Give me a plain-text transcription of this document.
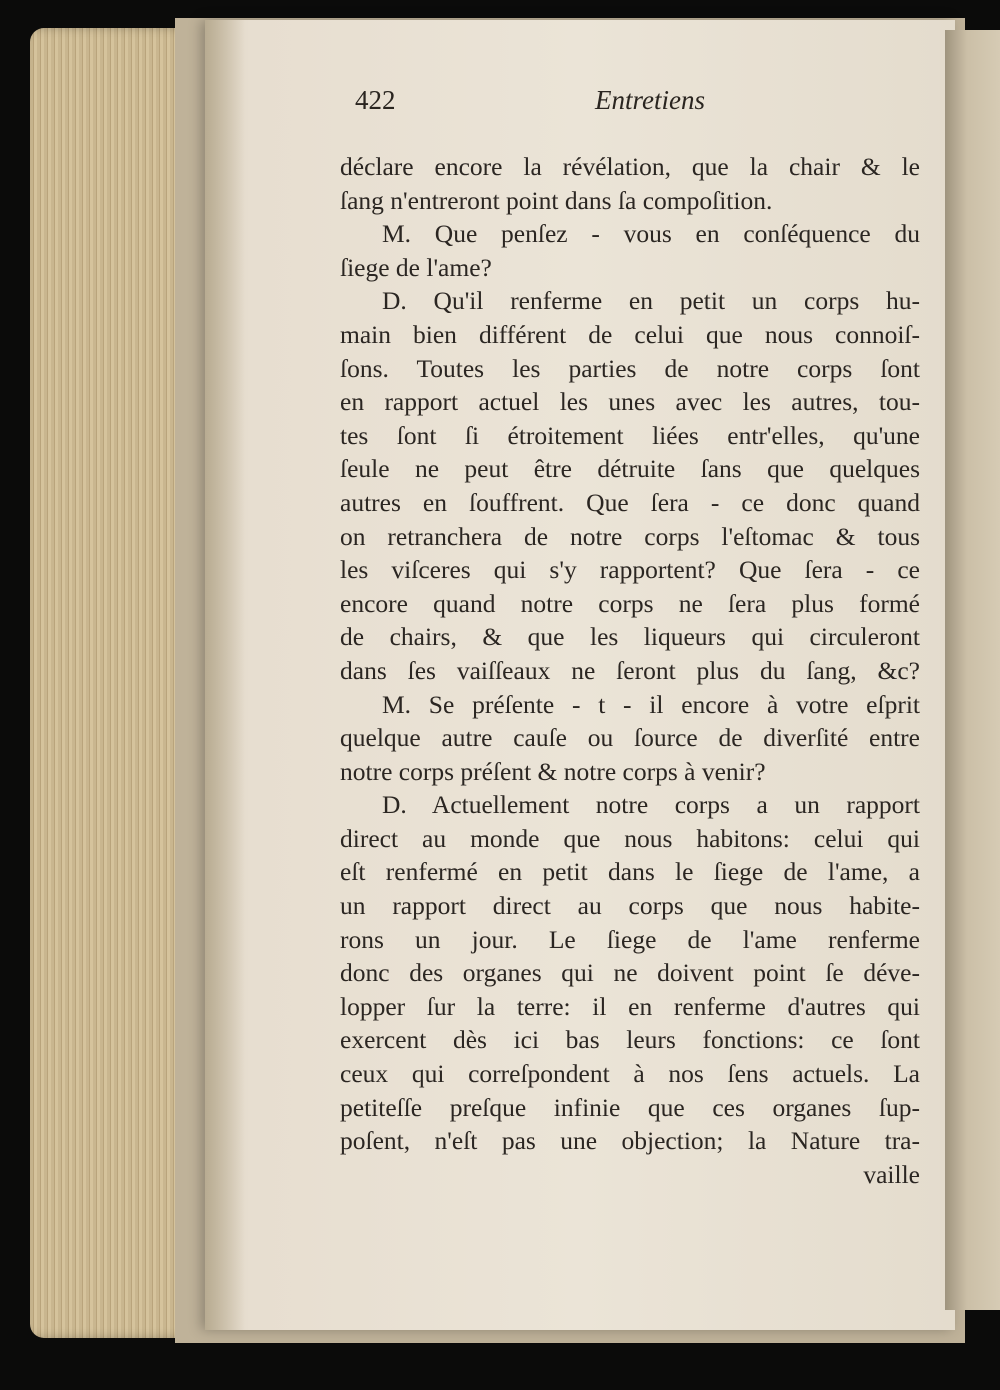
422	Entretiens
déclare encore la révélation, que la chair & le
ſang n'entreront point dans ſa compoſition.
M. Que penſez - vous en conſéquence du
ſiege de l'ame?
D. Qu'il renferme en petit un corps hu-
main bien différent de celui que nous connoiſ-
ſons. Toutes les parties de notre corps ſont
en rapport actuel les unes avec les autres, tou-
tes ſont ſi étroitement liées entr'elles, qu'une
ſeule ne peut être détruite ſans que quelques
autres en ſouffrent. Que ſera - ce donc quand
on retranchera de notre corps l'eſtomac & tous
les viſceres qui s'y rapportent? Que ſera - ce
encore quand notre corps ne ſera plus formé
de chairs, & que les liqueurs qui circuleront
dans ſes vaiſſeaux ne ſeront plus du ſang, &c?
M. Se préſente - t - il encore à votre eſprit
quelque autre cauſe ou ſource de diverſité entre
notre corps préſent & notre corps à venir?
D. Actuellement notre corps a un rapport
direct au monde que nous habitons: celui qui
eſt renfermé en petit dans le ſiege de l'ame, a
un rapport direct au corps que nous habite-
rons un jour. Le ſiege de l'ame renferme
donc des organes qui ne doivent point ſe déve-
lopper ſur la terre: il en renferme d'autres qui
exercent dès ici bas leurs fonctions: ce ſont
ceux qui correſpondent à nos ſens actuels. La
petiteſſe preſque infinie que ces organes ſup-
poſent, n'eſt pas une objection; la Nature tra-
vaille
